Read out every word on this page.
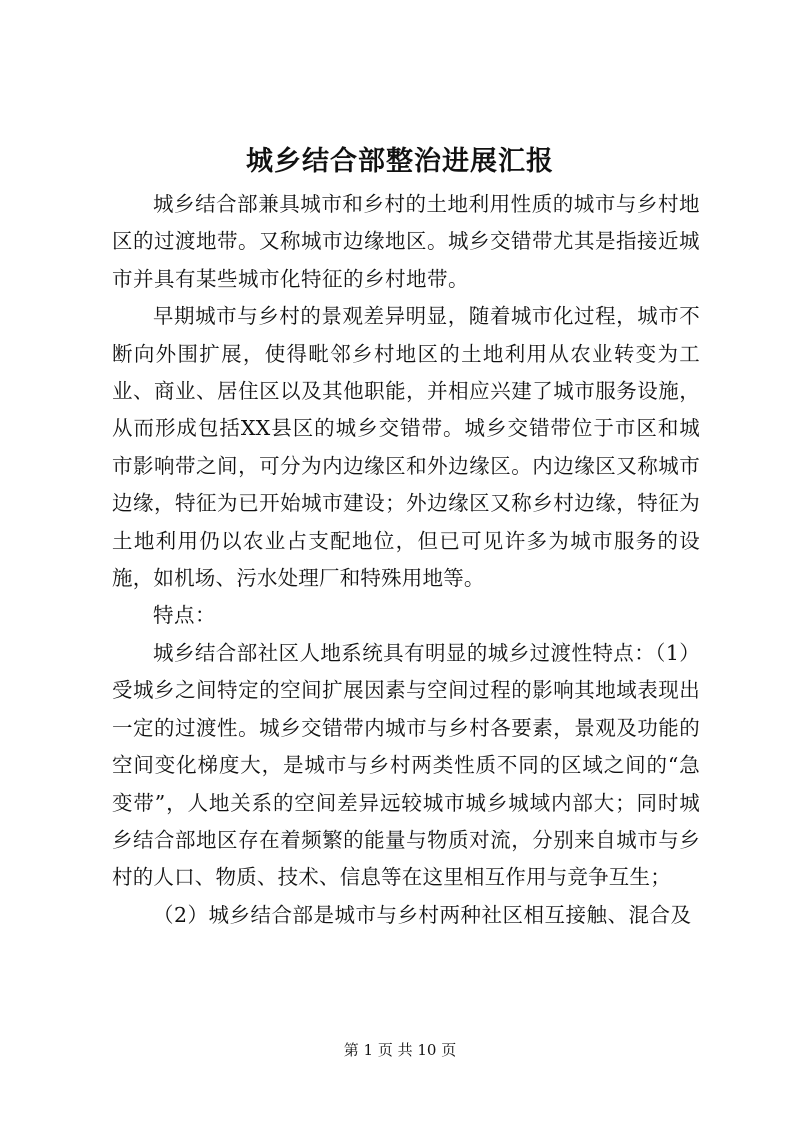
城乡结合部整治进展汇报

城乡结合部兼具城市和乡村的土地利用性质的城市与乡村地区的过渡地带。又称城市边缘地区。城乡交错带尤其是指接近城市并具有某些城市化特征的乡村地带。

早期城市与乡村的景观差异明显，随着城市化过程，城市不断向外围扩展，使得毗邻乡村地区的土地利用从农业转变为工业、商业、居住区以及其他职能，并相应兴建了城市服务设施，从而形成包括XX县区的城乡交错带。城乡交错带位于市区和城市影响带之间，可分为内边缘区和外边缘区。内边缘区又称城市边缘，特征为已开始城市建设；外边缘区又称乡村边缘，特征为土地利用仍以农业占支配地位，但已可见许多为城市服务的设施，如机场、污水处理厂和特殊用地等。

特点：

城乡结合部社区人地系统具有明显的城乡过渡性特点：（1）受城乡之间特定的空间扩展因素与空间过程的影响其地域表现出一定的过渡性。城乡交错带内城市与乡村各要素，景观及功能的空间变化梯度大，是城市与乡村两类性质不同的区域之间的“急变带”，人地关系的空间差异远较城市城乡城域内部大；同时城乡结合部地区存在着频繁的能量与物质对流，分别来自城市与乡村的人口、物质、技术、信息等在这里相互作用与竞争互生；

（2）城乡结合部是城市与乡村两种社区相互接触、混合及

第 1 页 共 10 页
